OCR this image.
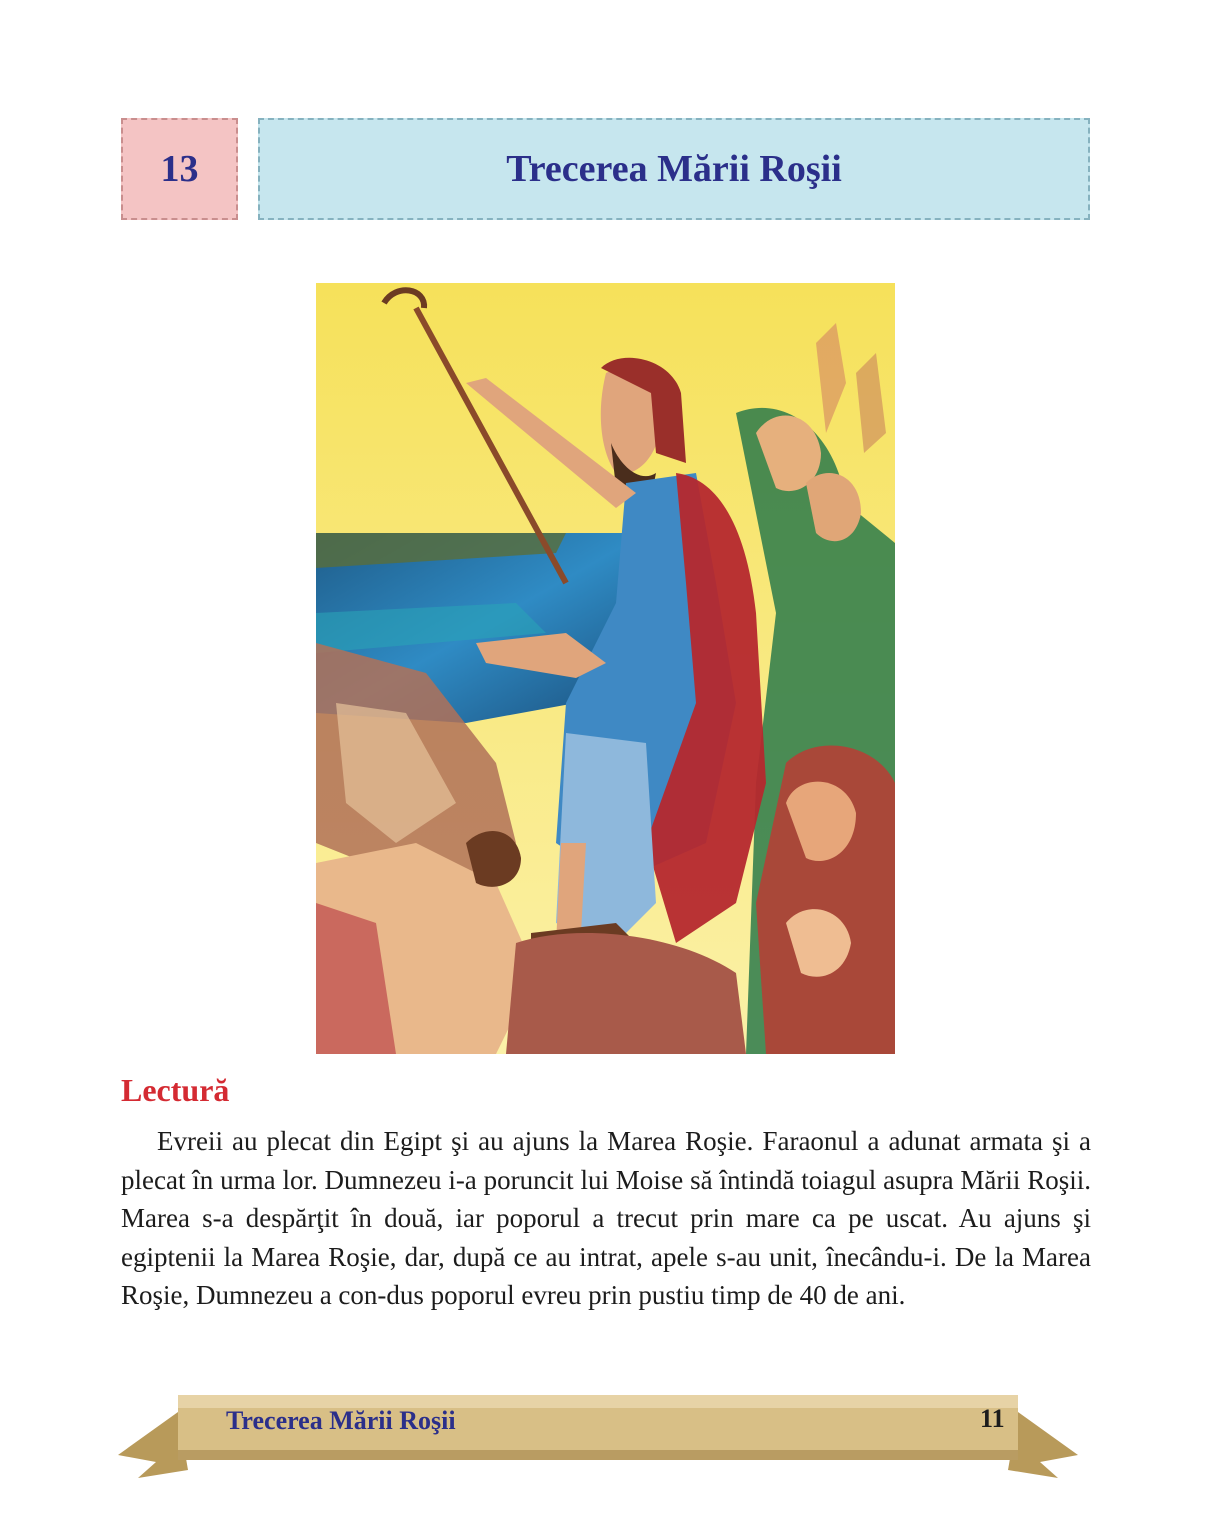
13	Trecerea Mării Roşii
Lectură

Evreii au plecat din Egipt şi au ajuns la Marea Roşie. Faraonul a adunat armata şi a plecat în urma lor. Dumnezeu i-a poruncit lui Moise să întindă toiagul asupra Mării Roşii. Marea s-a despărţit în două, iar poporul a trecut prin mare ca pe uscat. Au ajuns şi egiptenii la Marea Roşie, dar, după ce au intrat, apele s-au unit, înecându-i. De la Marea Roşie, Dumnezeu a con-dus poporul evreu prin pustiu timp de 40 de ani.

Trecerea Mării Roşii	11
